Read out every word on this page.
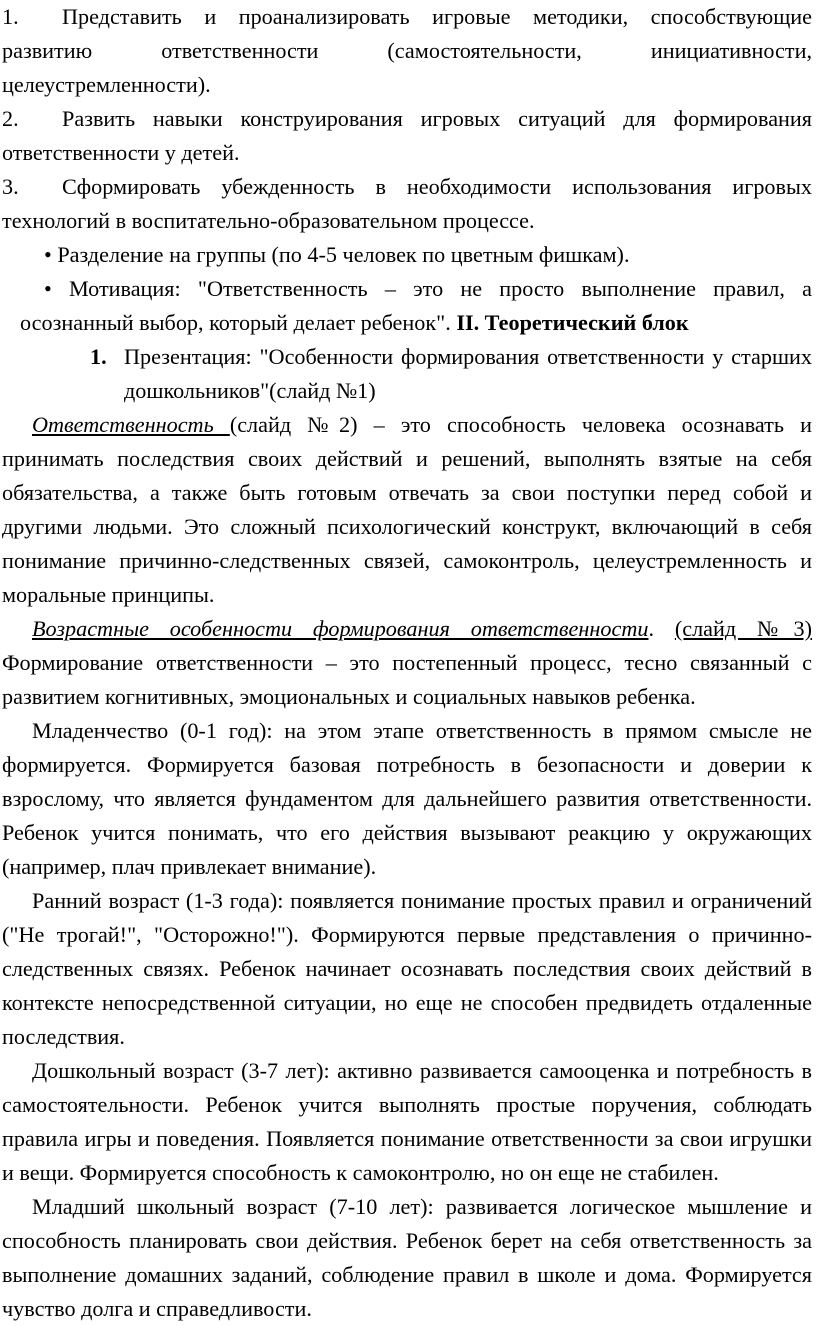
1. Представить и проанализировать игровые методики, способствующие развитию ответственности (самостоятельности, инициативности, целеустремленности).
2. Развить навыки конструирования игровых ситуаций для формирования ответственности у детей.
3. Сформировать убежденность в необходимости использования игровых технологий в воспитательно-образовательном процессе.
• Разделение на группы (по 4-5 человек по цветным фишкам).
• Мотивация: "Ответственность – это не просто выполнение правил, а осознанный выбор, который делает ребенок". II. Теоретический блок
1. Презентация: "Особенности формирования ответственности у старших дошкольников"(слайд №1)

Ответственность (слайд №2) – это способность человека осознавать и принимать последствия своих действий и решений, выполнять взятые на себя обязательства, а также быть готовым отвечать за свои поступки перед собой и другими людьми. Это сложный психологический конструкт, включающий в себя понимание причинно-следственных связей, самоконтроль, целеустремленность и моральные принципы.

Возрастные особенности формирования ответственности. (слайд №3) Формирование ответственности – это постепенный процесс, тесно связанный с развитием когнитивных, эмоциональных и социальных навыков ребенка.

Младенчество (0-1 год): на этом этапе ответственность в прямом смысле не формируется. Формируется базовая потребность в безопасности и доверии к взрослому, что является фундаментом для дальнейшего развития ответственности. Ребенок учится понимать, что его действия вызывают реакцию у окружающих (например, плач привлекает внимание).

Ранний возраст (1-3 года): появляется понимание простых правил и ограничений ("Не трогай!", "Осторожно!"). Формируются первые представления о причинно-следственных связях. Ребенок начинает осознавать последствия своих действий в контексте непосредственной ситуации, но еще не способен предвидеть отдаленные последствия.

Дошкольный возраст (3-7 лет): активно развивается самооценка и потребность в самостоятельности. Ребенок учится выполнять простые поручения, соблюдать правила игры и поведения. Появляется понимание ответственности за свои игрушки и вещи. Формируется способность к самоконтролю, но он еще не стабилен.

Младший школьный возраст (7-10 лет): развивается логическое мышление и способность планировать свои действия. Ребенок берет на себя ответственность за выполнение домашних заданий, соблюдение правил в школе и дома. Формируется чувство долга и справедливости.
